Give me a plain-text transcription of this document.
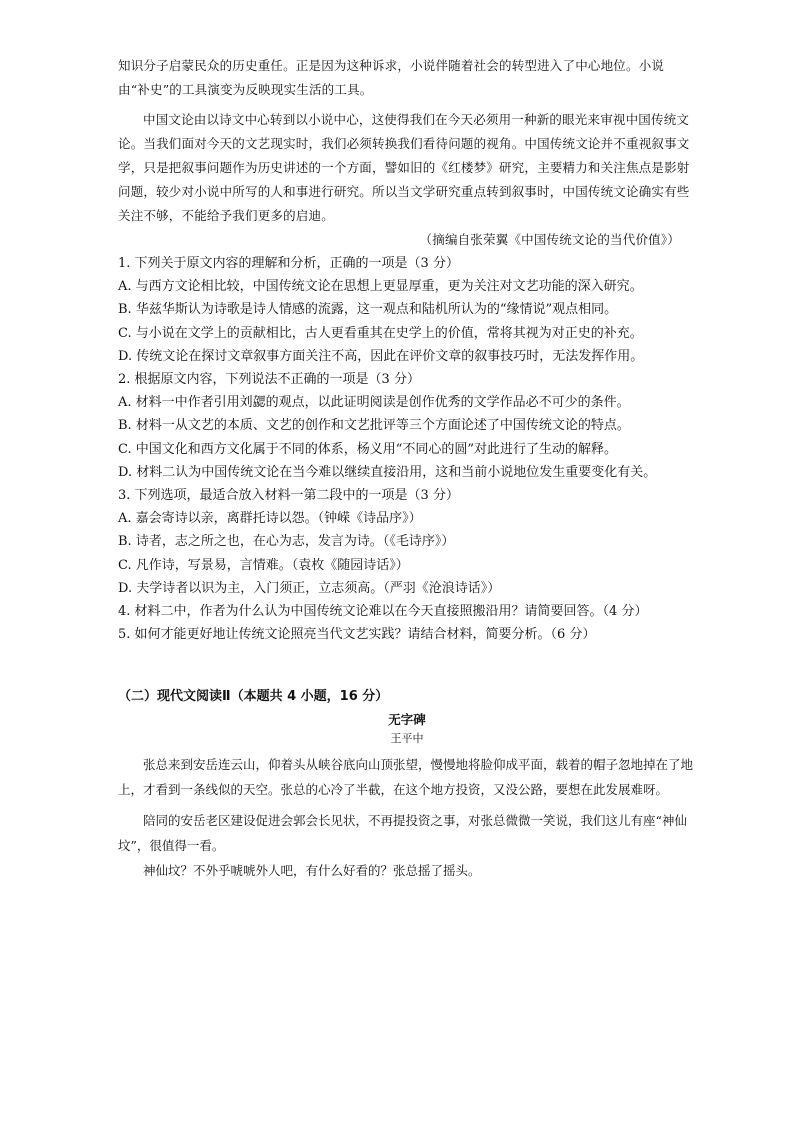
知识分子启蒙民众的历史重任。正是因为这种诉求，小说伴随着社会的转型进入了中心地位。小说由“补史”的工具演变为反映现实生活的工具。

中国文论由以诗文中心转到以小说中心，这使得我们在今天必须用一种新的眼光来审视中国传统文论。当我们面对今天的文艺现实时，我们必须转换我们看待问题的视角。中国传统文论并不重视叙事文学，只是把叙事问题作为历史讲述的一个方面，譬如旧的《红楼梦》研究，主要精力和关注焦点是影射问题，较少对小说中所写的人和事进行研究。所以当文学研究重点转到叙事时，中国传统文论确实有些关注不够，不能给予我们更多的启迪。

（摘编自张荣翼《中国传统文论的当代价值》）

1. 下列关于原文内容的理解和分析，正确的一项是（3 分）
A. 与西方文论相比较，中国传统文论在思想上更显厚重，更为关注对文艺功能的深入研究。
B. 华兹华斯认为诗歌是诗人情感的流露，这一观点和陆机所认为的“缘情说”观点相同。
C. 与小说在文学上的贡献相比，古人更看重其在史学上的价值，常将其视为对正史的补充。
D. 传统文论在探讨文章叙事方面关注不高，因此在评价文章的叙事技巧时，无法发挥作用。
2. 根据原文内容，下列说法不正确的一项是（3 分）
A. 材料一中作者引用刘勰的观点，以此证明阅读是创作优秀的文学作品必不可少的条件。
B. 材料一从文艺的本质、文艺的创作和文艺批评等三个方面论述了中国传统文论的特点。
C. 中国文化和西方文化属于不同的体系，杨义用“不同心的圆”对此进行了生动的解释。
D. 材料二认为中国传统文论在当今难以继续直接沿用，这和当前小说地位发生重要变化有关。
3. 下列选项，最适合放入材料一第二段中的一项是（3 分）
A. 嘉会寄诗以亲，离群托诗以怨。（钟嵘《诗品序》）
B. 诗者，志之所之也，在心为志，发言为诗。（《毛诗序》）
C. 凡作诗，写景易，言情难。（袁枚《随园诗话》）
D. 夫学诗者以识为主，入门须正，立志须高。（严羽《沧浪诗话》）
4. 材料二中，作者为什么认为中国传统文论难以在今天直接照搬沿用？请简要回答。（4 分）
5. 如何才能更好地让传统文论照亮当代文艺实践？请结合材料，简要分析。（6 分）
（二）现代文阅读Ⅱ（本题共 4 小题，16 分）
无字碑
王平中

张总来到安岳连云山，仰着头从峡谷底向山顶张望，慢慢地将脸仰成平面，载着的帽子忽地掉在了地上，才看到一条线似的天空。张总的心冷了半截，在这个地方投资，又没公路，要想在此发展难呀。

陪同的安岳老区建设促进会郭会长见状，不再提投资之事，对张总微微一笑说，我们这儿有座“神仙坟”，很值得一看。

神仙坟？不外乎唬唬外人吧，有什么好看的？张总摇了摇头。
